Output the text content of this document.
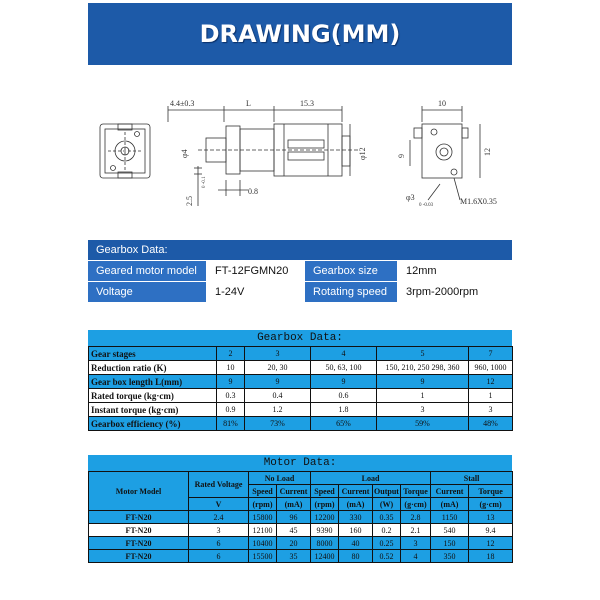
DRAWING(MM)
4.4±0.3	L	15.3
φ4	φ12
0.8
2.5
0 -0.1
10
9	12
φ3
0 -0.03	M1.6X0.35
Gearbox Data:
Geared motor model	FT-12FGMN20	Gearbox size	12mm
Voltage	1-24V	Rotating speed	3rpm-2000rpm
Gearbox Data:
Gear stages	2	3	4	5	7
Reduction ratio (K)	10	20, 30	50, 63, 100	150, 210, 250 298, 360	960, 1000
Gear box length L(mm)	9	9	9	9	12
Rated torque (kg·cm)	0.3	0.4	0.6	1	1
Instant torque (kg·cm)	0.9	1.2	1.8	3	3
Gearbox efficiency (%)	81%	73%	65%	59%	48%
Motor Data:
Motor Model	Rated Voltage	No Load		Load				Stall	
		Speed	Current	Speed	Current	Output	Torque	Current	Torque
	V	(rpm)	(mA)	(rpm)	(mA)	(W)	(g·cm)	(mA)	(g·cm)
FT-N20	2.4	15800	96	12200	330	0.35	2.8	1150	13
FT-N20	3	12100	45	9390	160	0.2	2.1	540	9.4
FT-N20	6	10400	20	8000	40	0.25	3	150	12
FT-N20	6	15500	35	12400	80	0.52	4	350	18
